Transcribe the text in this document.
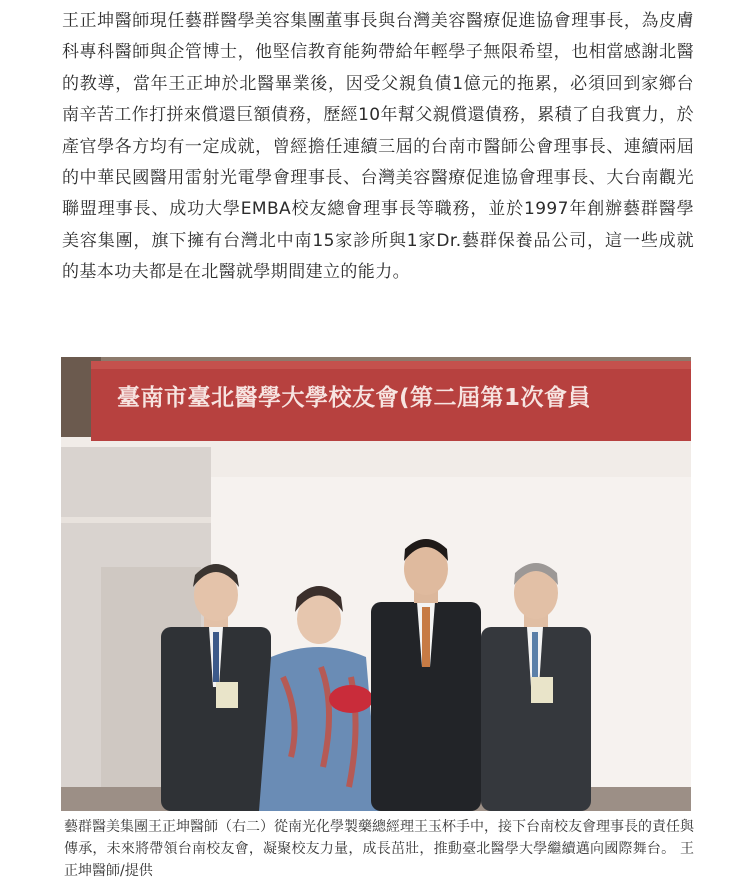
王正坤醫師現任藝群醫學美容集團董事長與台灣美容醫療促進協會理事長，為皮膚科專科醫師與企管博士，他堅信教育能夠帶給年輕學子無限希望，也相當感謝北醫的教導，當年王正坤於北醫畢業後，因受父親負債1億元的拖累，必須回到家鄉台南辛苦工作打拼來償還巨額債務，歷經10年幫父親償還債務，累積了自我實力，於產官學各方均有一定成就，曾經擔任連續三屆的台南市醫師公會理事長、連續兩屆的中華民國醫用雷射光電學會理事長、台灣美容醫療促進協會理事長、大台南觀光聯盟理事長、成功大學EMBA校友總會理事長等職務，並於1997年創辦藝群醫學美容集團，旗下擁有台灣北中南15家診所與1家Dr.藝群保養品公司，這一些成就的基本功夫都是在北醫就學期間建立的能力。

臺南市臺北醫學大學校友會(第二屆第1次會員

藝群醫美集團王正坤醫師（右二）從南光化學製藥總經理王玉杯手中，接下台南校友會理事長的責任與傳承，未來將帶領台南校友會，凝聚校友力量，成長茁壯，推動臺北醫學大學繼續邁向國際舞台。 王正坤醫師/提供
